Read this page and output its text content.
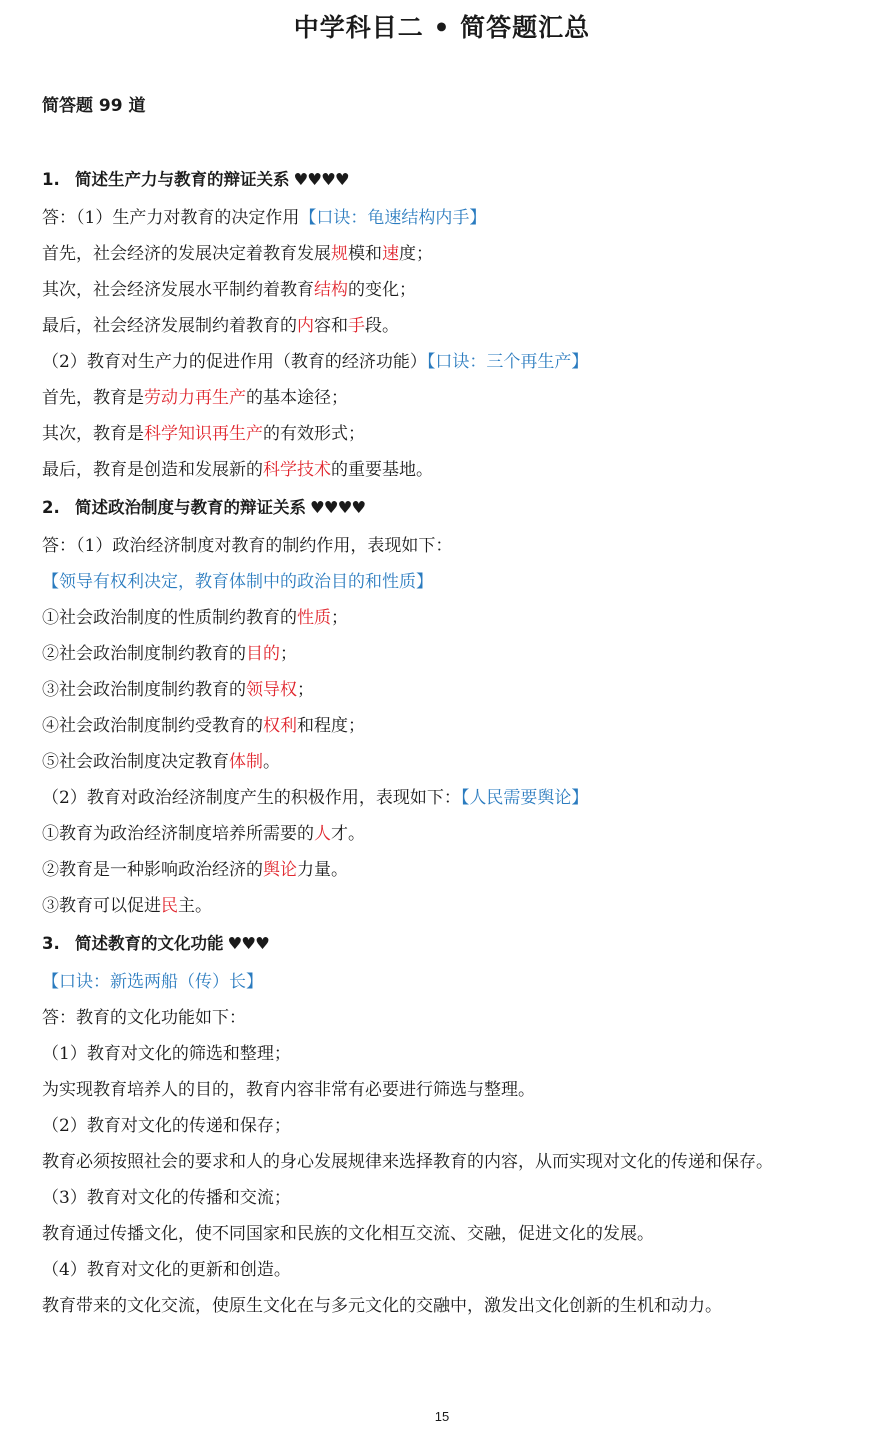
中学科目二 • 简答题汇总
简答题 99 道
1. 简述生产力与教育的辩证关系 ♥♥♥♥
答：（1）生产力对教育的决定作用【口诀：龟速结构内手】
首先，社会经济的发展决定着教育发展规模和速度；
其次，社会经济发展水平制约着教育结构的变化；
最后，社会经济发展制约着教育的内容和手段。
（2）教育对生产力的促进作用（教育的经济功能）【口诀：三个再生产】
首先，教育是劳动力再生产的基本途径；
其次，教育是科学知识再生产的有效形式；
最后，教育是创造和发展新的科学技术的重要基地。
2. 简述政治制度与教育的辩证关系 ♥♥♥♥
答：（1）政治经济制度对教育的制约作用，表现如下：
【领导有权利决定，教育体制中的政治目的和性质】
①社会政治制度的性质制约教育的性质；
②社会政治制度制约教育的目的；
③社会政治制度制约教育的领导权；
④社会政治制度制约受教育的权利和程度；
⑤社会政治制度决定教育体制。
（2）教育对政治经济制度产生的积极作用，表现如下：【人民需要舆论】
①教育为政治经济制度培养所需要的人才。
②教育是一种影响政治经济的舆论力量。
③教育可以促进民主。
3. 简述教育的文化功能 ♥♥♥
【口诀：新选两船（传）长】
答：教育的文化功能如下：
（1）教育对文化的筛选和整理；
为实现教育培养人的目的，教育内容非常有必要进行筛选与整理。
（2）教育对文化的传递和保存；
教育必须按照社会的要求和人的身心发展规律来选择教育的内容，从而实现对文化的传递和保存。
（3）教育对文化的传播和交流；
教育通过传播文化，使不同国家和民族的文化相互交流、交融，促进文化的发展。
（4）教育对文化的更新和创造。
教育带来的文化交流，使原生文化在与多元文化的交融中，激发出文化创新的生机和动力。
15
